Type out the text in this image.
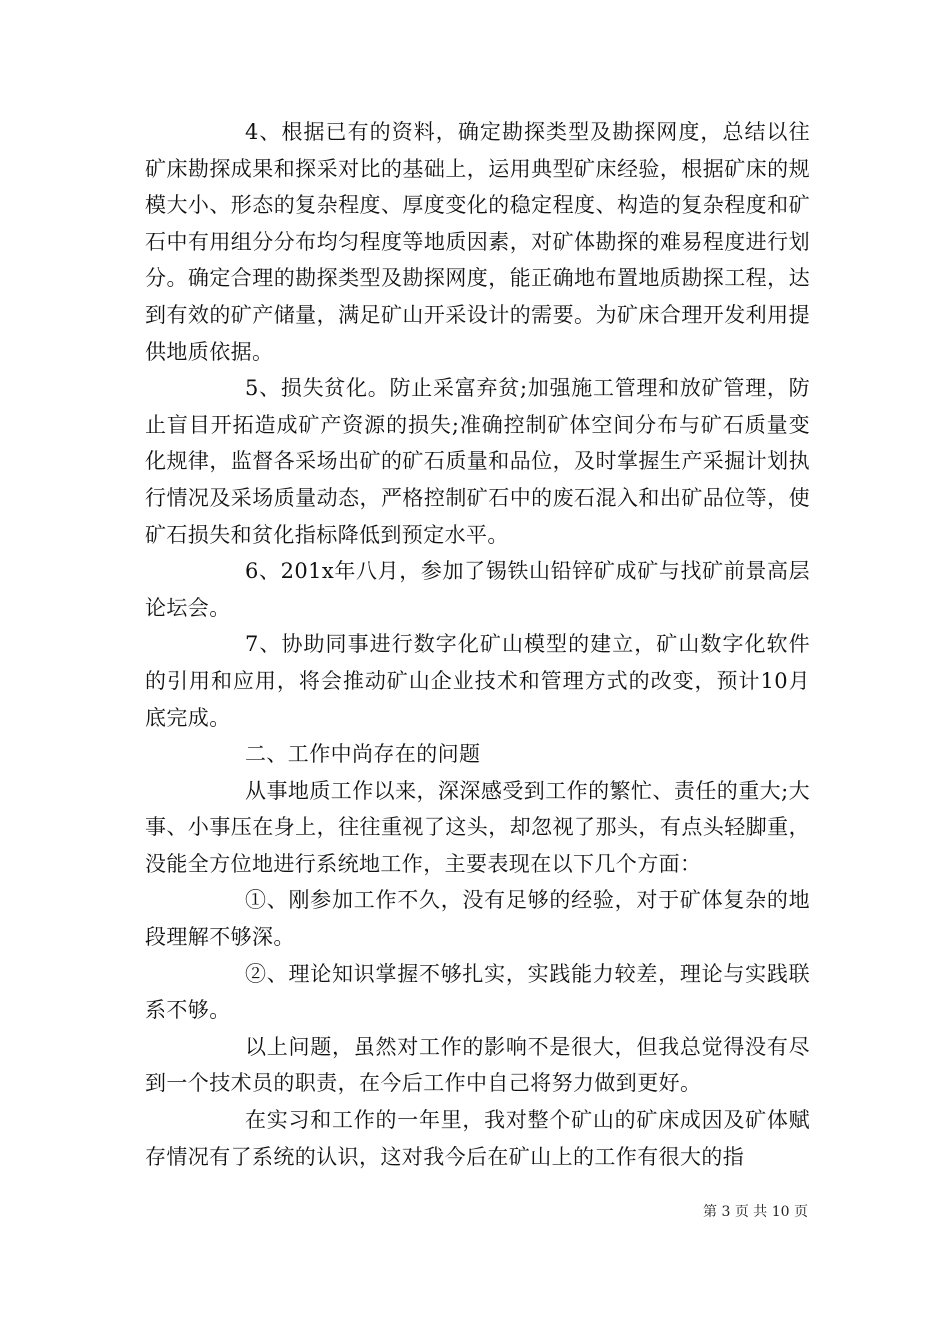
4、根据已有的资料，确定勘探类型及勘探网度，总结以往矿床勘探成果和探采对比的基础上，运用典型矿床经验，根据矿床的规模大小、形态的复杂程度、厚度变化的稳定程度、构造的复杂程度和矿石中有用组分分布均匀程度等地质因素，对矿体勘探的难易程度进行划分。确定合理的勘探类型及勘探网度，能正确地布置地质勘探工程，达到有效的矿产储量，满足矿山开采设计的需要。为矿床合理开发利用提供地质依据。

5、损失贫化。防止采富弃贫;加强施工管理和放矿管理，防止盲目开拓造成矿产资源的损失;准确控制矿体空间分布与矿石质量变化规律，监督各采场出矿的矿石质量和品位，及时掌握生产采掘计划执行情况及采场质量动态，严格控制矿石中的废石混入和出矿品位等，使矿石损失和贫化指标降低到预定水平。

6、201x年八月，参加了锡铁山铅锌矿成矿与找矿前景高层论坛会。

7、协助同事进行数字化矿山模型的建立，矿山数字化软件的引用和应用，将会推动矿山企业技术和管理方式的改变，预计10月底完成。

二、工作中尚存在的问题

从事地质工作以来，深深感受到工作的繁忙、责任的重大;大事、小事压在身上，往往重视了这头，却忽视了那头，有点头轻脚重，没能全方位地进行系统地工作，主要表现在以下几个方面：

①、刚参加工作不久，没有足够的经验，对于矿体复杂的地段理解不够深。

②、理论知识掌握不够扎实，实践能力较差，理论与实践联系不够。

以上问题，虽然对工作的影响不是很大，但我总觉得没有尽到一个技术员的职责，在今后工作中自己将努力做到更好。

在实习和工作的一年里，我对整个矿山的矿床成因及矿体赋存情况有了系统的认识，这对我今后在矿山上的工作有很大的指

第 3 页 共 10 页
